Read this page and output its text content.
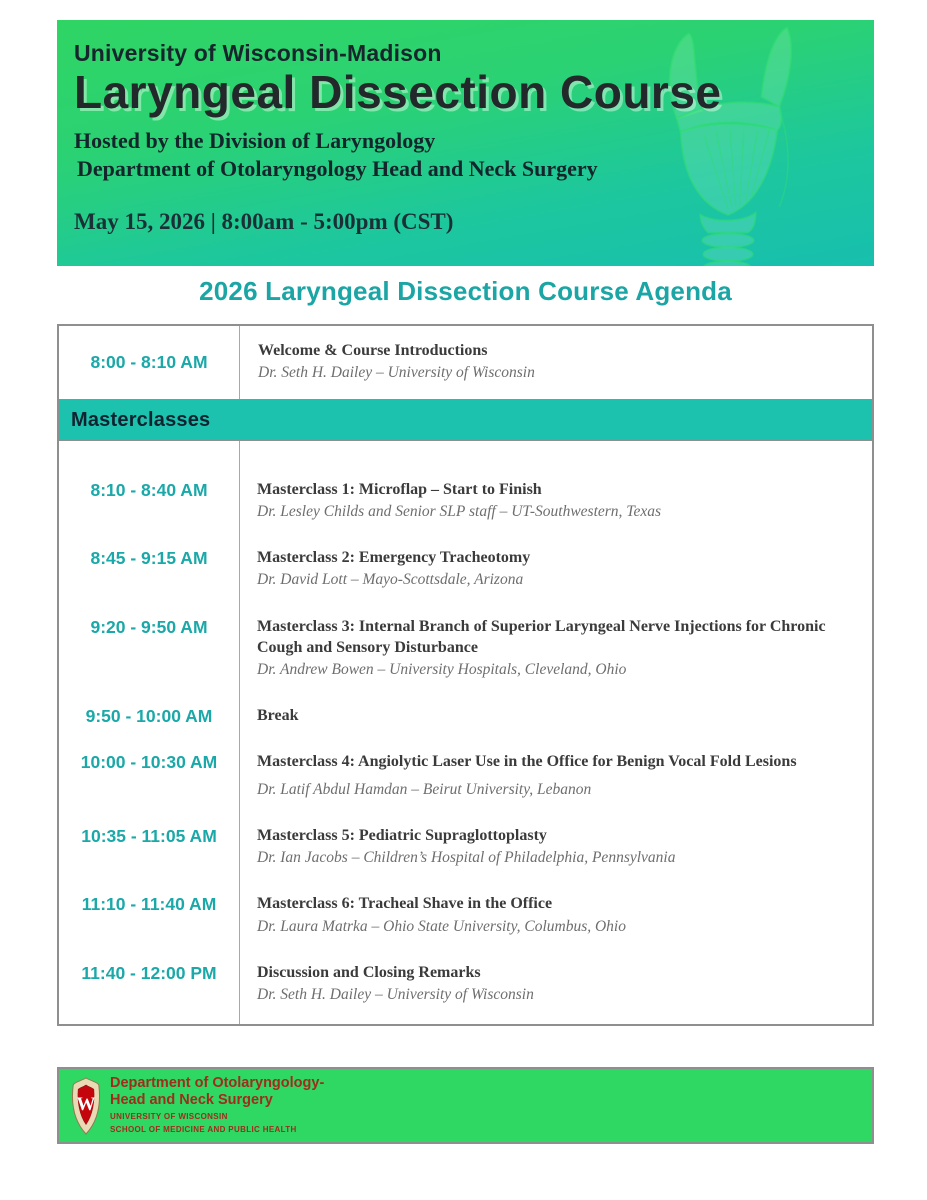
University of Wisconsin-Madison
Laryngeal Dissection Course
Hosted by the Division of Laryngology
Department of Otolaryngology Head and Neck Surgery
May 15, 2026 | 8:00am - 5:00pm (CST)
2026 Laryngeal Dissection Course Agenda
8:00 - 8:10 AM
Welcome & Course Introductions
Dr. Seth H. Dailey – University of Wisconsin
Masterclasses
8:10 - 8:40 AM	Masterclass 1: Microflap – Start to Finish
Dr. Lesley Childs and Senior SLP staff – UT-Southwestern, Texas
8:45 - 9:15 AM	Masterclass 2: Emergency Tracheotomy
Dr. David Lott – Mayo-Scottsdale, Arizona
9:20 - 9:50 AM	Masterclass 3: Internal Branch of Superior Laryngeal Nerve Injections for Chronic Cough and Sensory Disturbance
Dr. Andrew Bowen – University Hospitals, Cleveland, Ohio
9:50 - 10:00 AM	Break
10:00 - 10:30 AM	Masterclass 4: Angiolytic Laser Use in the Office for Benign Vocal Fold Lesions
Dr. Latif Abdul Hamdan – Beirut University, Lebanon
10:35 - 11:05 AM	Masterclass 5: Pediatric Supraglottoplasty
Dr. Ian Jacobs – Children’s Hospital of Philadelphia, Pennsylvania
11:10 - 11:40 AM	Masterclass 6: Tracheal Shave in the Office
Dr. Laura Matrka – Ohio State University, Columbus, Ohio
11:40 - 12:00 PM	Discussion and Closing Remarks
Dr. Seth H. Dailey – University of Wisconsin
W
Department of Otolaryngology-
Head and Neck Surgery
UNIVERSITY OF WISCONSIN
SCHOOL OF MEDICINE AND PUBLIC HEALTH
